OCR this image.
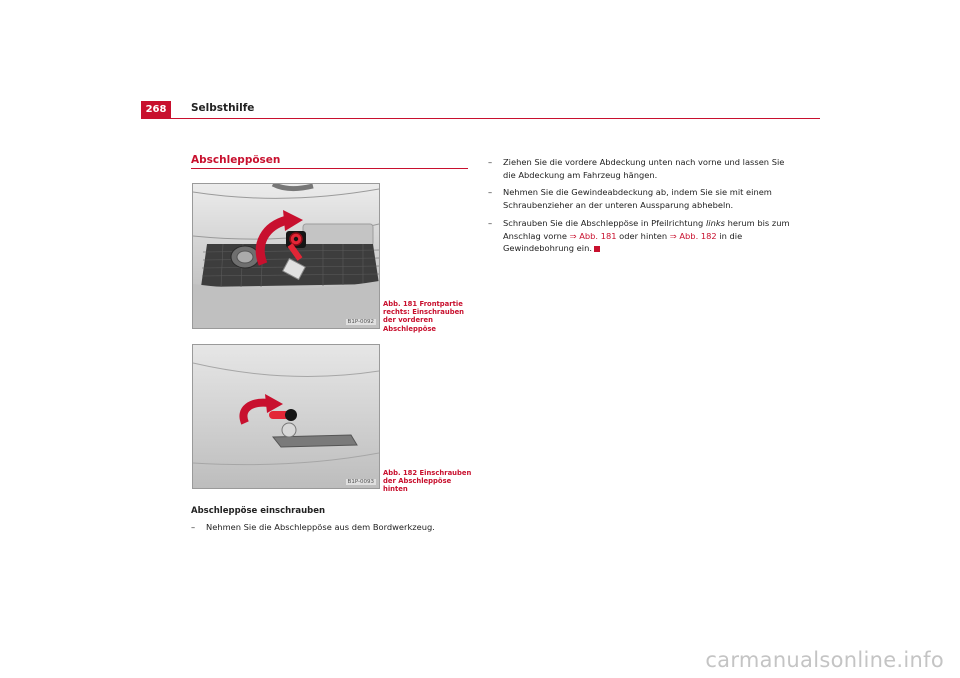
268	Selbsthilfe
Abschleppösen
B1P-0092
Abb. 181 Frontpartie rechts: Einschrauben der vorderen Abschleppöse
B1P-0093
Abb. 182 Einschrauben der Abschleppöse hinten
Abschleppöse einschrauben
– Nehmen Sie die Abschleppöse aus dem Bordwerkzeug.
– Ziehen Sie die vordere Abdeckung unten nach vorne und lassen Sie die Abdeckung am Fahrzeug hängen.
– Nehmen Sie die Gewindeabdeckung ab, indem Sie sie mit einem Schraubenzieher an der unteren Aussparung abhebeln.
– Schrauben Sie die Abschleppöse in Pfeilrichtung links herum bis zum Anschlag vorne ⇒ Abb. 181 oder hinten ⇒ Abb. 182 in die Gewindebohrung ein.
carmanualsonline.info
